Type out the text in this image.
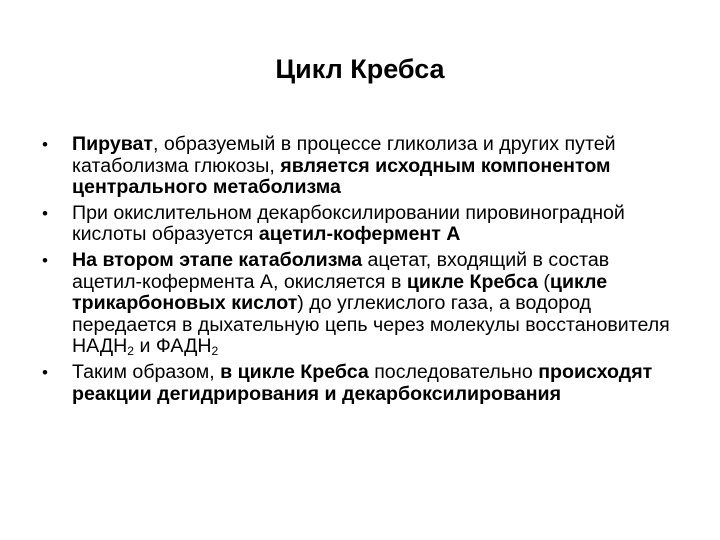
Цикл Кребса
• Пируват, образуемый в процессе гликолиза и других путей катаболизма глюкозы, является исходным компонентом центрального метаболизма
• При окислительном декарбоксилировании пировиноградной кислоты образуется ацетил-кофермент А
• На втором этапе катаболизма ацетат, входящий в состав ацетил-кофермента А, окисляется в цикле Кребса (цикле трикарбоновых кислот) до углекислого газа, а водород передается в дыхательную цепь через молекулы восстановителя $НАДН_2$ и $ФАДН_2$
• Таким образом, в цикле Кребса последовательно происходят реакции дегидрирования и декарбоксилирования
